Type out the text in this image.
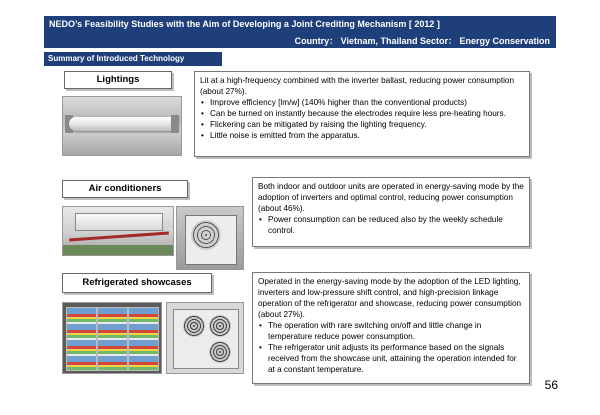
NEDO’s Feasibility Studies with the Aim of Developing a Joint Crediting Mechanism [ 2012 ]
Country： Vietnam, Thailand Sector： Energy Conservation
Summary of Introduced Technology
Lightings	Lit at a high-frequency combined with the inverter ballast, reducing power consumption (about 27%).
• Improve efficiency [lm/w] (140% higher than the conventional products)
• Can be turned on instantly because the electrodes require less pre-heating hours.
• Flickering can be mitigated by raising the lighting frequency.
• Little noise is emitted from the apparatus.
Air conditioners	Both indoor and outdoor units are operated in energy-saving mode by the adoption of inverters and optimal control, reducing power consumption (about 46%).
• Power consumption can be reduced also by the weekly schedule control.
Refrigerated showcases	Operated in the energy-saving mode by the adoption of the LED lighting, inverters and low-pressure shift control, and high-precision linkage operation of the refrigerator and showcase, reducing power consumption (about 27%).
• The operation with rare switching on/off and little change in temperature reduce power consumption.
• The refrigerator unit adjusts its performance based on the signals received from the showcase unit, attaining the operation intended for at a constant temperature.
56
